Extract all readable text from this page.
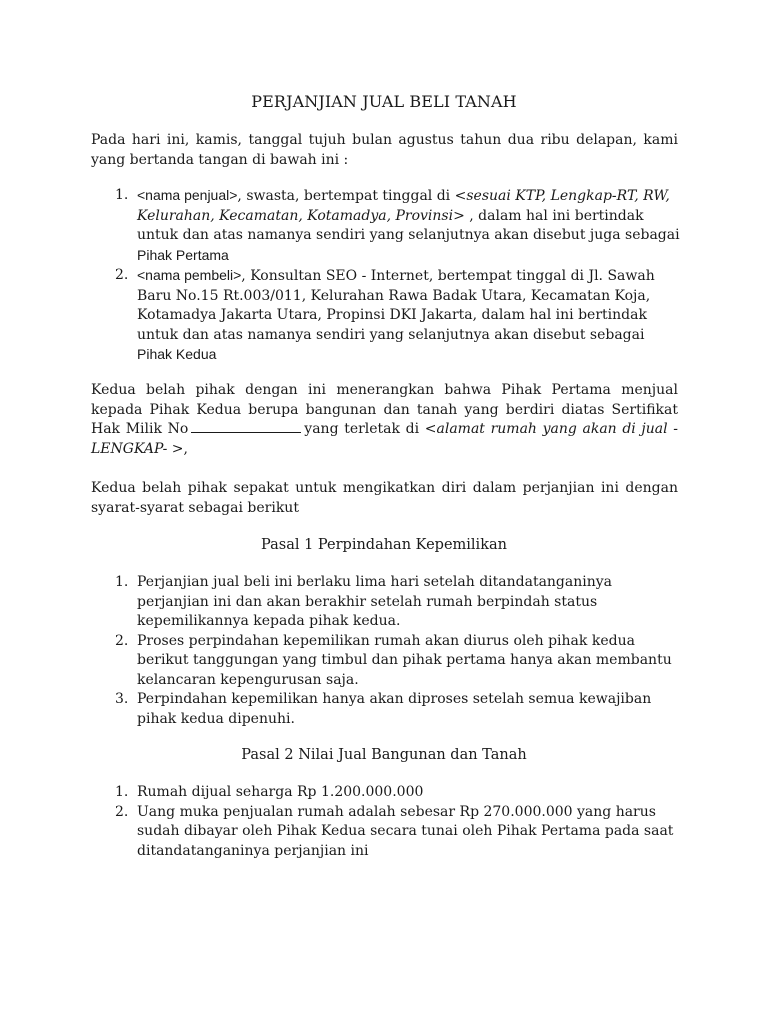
PERJANJIAN JUAL BELI TANAH

Pada hari ini, kamis, tanggal tujuh bulan agustus tahun dua ribu delapan, kami yang bertanda tangan di bawah ini :

1. <nama penjual>, swasta, bertempat tinggal di <sesuai KTP, Lengkap-RT, RW, Kelurahan, Kecamatan, Kotamadya, Provinsi> , dalam hal ini bertindak untuk dan atas namanya sendiri yang selanjutnya akan disebut juga sebagai Pihak Pertama
2. <nama pembeli>, Konsultan SEO - Internet, bertempat tinggal di Jl. Sawah Baru No.15 Rt.003/011, Kelurahan Rawa Badak Utara, Kecamatan Koja, Kotamadya Jakarta Utara, Propinsi DKI Jakarta, dalam hal ini bertindak untuk dan atas namanya sendiri yang selanjutnya akan disebut sebagai
Pihak Kedua

Kedua belah pihak dengan ini menerangkan bahwa Pihak Pertama menjual kepada Pihak Kedua berupa bangunan dan tanah yang berdiri diatas Sertifikat Hak Milik No	yang terletak di <alamat rumah yang akan di jual - LENGKAP- >,

Kedua belah pihak sepakat untuk mengikatkan diri dalam perjanjian ini dengan syarat-syarat sebagai berikut

Pasal 1 Perpindahan Kepemilikan
1. Perjanjian jual beli ini berlaku lima hari setelah ditandatanganinya perjanjian ini dan akan berakhir setelah rumah berpindah status kepemilikannya kepada pihak kedua.
2. Proses perpindahan kepemilikan rumah akan diurus oleh pihak kedua berikut tanggungan yang timbul dan pihak pertama hanya akan membantu kelancaran kepengurusan saja.
3. Perpindahan kepemilikan hanya akan diproses setelah semua kewajiban pihak kedua dipenuhi.
Pasal 2 Nilai Jual Bangunan dan Tanah
1. Rumah dijual seharga Rp 1.200.000.000
2. Uang muka penjualan rumah adalah sebesar Rp 270.000.000 yang harus sudah dibayar oleh Pihak Kedua secara tunai oleh Pihak Pertama pada saat ditandatanganinya perjanjian ini
